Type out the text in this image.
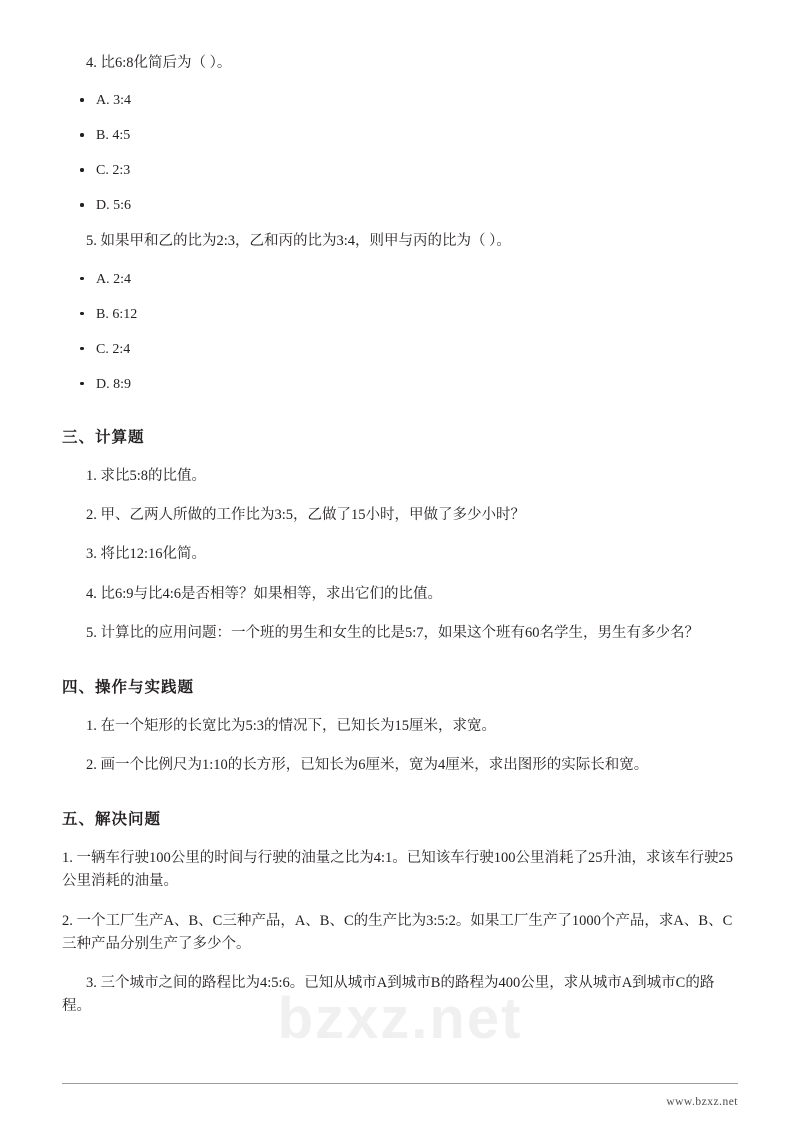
bzxz.net

4. 比6:8化简后为（ ）。

A. 3:4
B. 4:5
C. 2:3
D. 5:6

5. 如果甲和乙的比为2:3，乙和丙的比为3:4，则甲与丙的比为（ ）。

A. 2:4
B. 6:12
C. 2:4
D. 8:9
三、计算题

1. 求比5:8的比值。

2. 甲、乙两人所做的工作比为3:5，乙做了15小时，甲做了多少小时？

3. 将比12:16化简。

4. 比6:9与比4:6是否相等？如果相等，求出它们的比值。

5. 计算比的应用问题：一个班的男生和女生的比是5:7，如果这个班有60名学生，男生有多少名？

四、操作与实践题

1. 在一个矩形的长宽比为5:3的情况下，已知长为15厘米，求宽。

2. 画一个比例尺为1:10的长方形，已知长为6厘米，宽为4厘米，求出图形的实际长和宽。

五、解决问题

1. 一辆车行驶100公里的时间与行驶的油量之比为4:1。已知该车行驶100公里消耗了25升油，求该车行驶25公里消耗的油量。

2. 一个工厂生产A、B、C三种产品，A、B、C的生产比为3:5:2。如果工厂生产了1000个产品，求A、B、C三种产品分别生产了多少个。

3. 三个城市之间的路程比为4:5:6。已知从城市A到城市B的路程为400公里，求从城市A到城市C的路程。

www.bzxz.net
